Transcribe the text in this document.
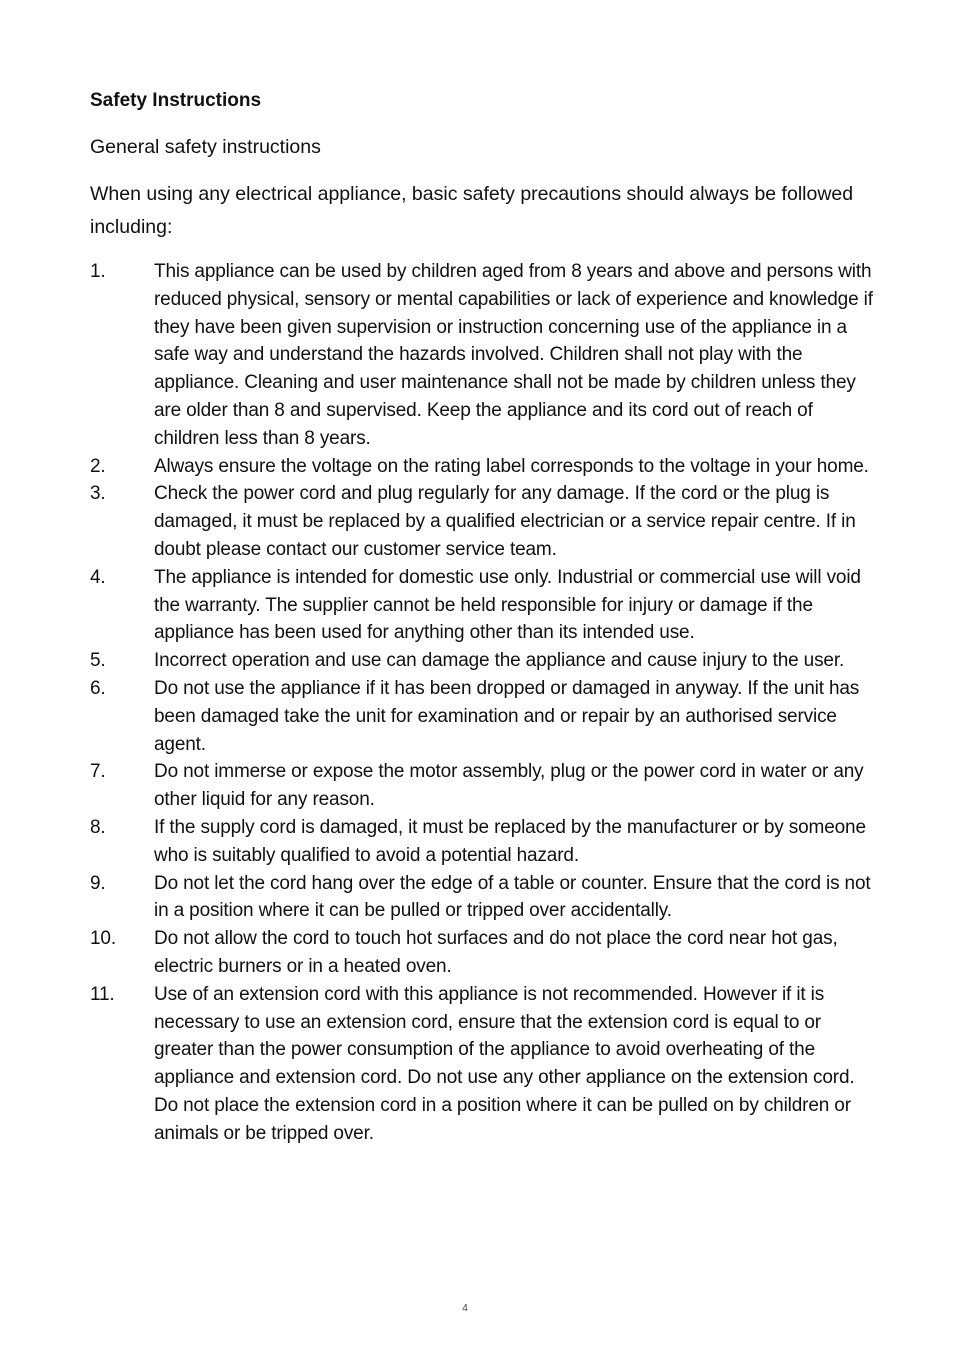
Safety Instructions

General safety instructions

When using any electrical appliance, basic safety precautions should always be followed including:

1.	This appliance can be used by children aged from 8 years and above and persons with reduced physical, sensory or mental capabilities or lack of experience and knowledge if they have been given supervision or instruction concerning use of the appliance in a safe way and understand the hazards involved. Children shall not play with the appliance. Cleaning and user maintenance shall not be made by children unless they are older than 8 and supervised. Keep the appliance and its cord out of reach of children less than 8 years.
2.	Always ensure the voltage on the rating label corresponds to the voltage in your home.
3.	Check the power cord and plug regularly for any damage. If the cord or the plug is damaged, it must be replaced by a qualified electrician or a service repair centre. If in doubt please contact our customer service team.
4.	The appliance is intended for domestic use only. Industrial or commercial use will void the warranty. The supplier cannot be held responsible for injury or damage if the appliance has been used for anything other than its intended use.
5.	Incorrect operation and use can damage the appliance and cause injury to the user.
6.	Do not use the appliance if it has been dropped or damaged in anyway. If the unit has been damaged take the unit for examination and or repair by an authorised service agent.
7.	Do not immerse or expose the motor assembly, plug or the power cord in water or any other liquid for any reason.
8.	If the supply cord is damaged, it must be replaced by the manufacturer or by someone who is suitably qualified to avoid a potential hazard.
9.	Do not let the cord hang over the edge of a table or counter. Ensure that the cord is not in a position where it can be pulled or tripped over accidentally.
10.	Do not allow the cord to touch hot surfaces and do not place the cord near hot gas, electric burners or in a heated oven.
11.	Use of an extension cord with this appliance is not recommended. However if it is necessary to use an extension cord, ensure that the extension cord is equal to or greater than the power consumption of the appliance to avoid overheating of the appliance and extension cord. Do not use any other appliance on the extension cord. Do not place the extension cord in a position where it can be pulled on by children or animals or be tripped over.
4
